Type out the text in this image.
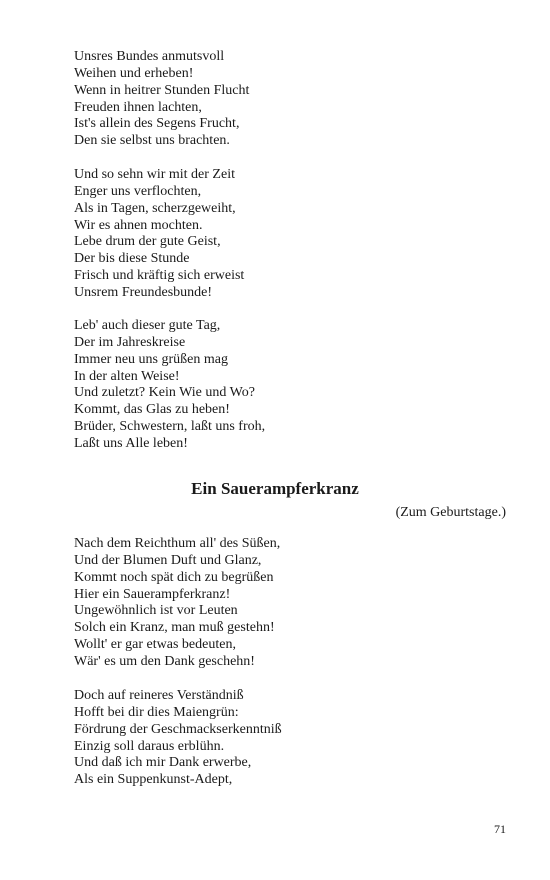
Unsres Bundes anmutsvoll
Weihen und erheben!
Wenn in heitrer Stunden Flucht
Freuden ihnen lachten,
Ist's allein des Segens Frucht,
Den sie selbst uns brachten.
Und so sehn wir mit der Zeit
Enger uns verflochten,
Als in Tagen, scherzgeweiht,
Wir es ahnen mochten.
Lebe drum der gute Geist,
Der bis diese Stunde
Frisch und kräftig sich erweist
Unsrem Freundesbunde!
Leb' auch dieser gute Tag,
Der im Jahreskreise
Immer neu uns grüßen mag
In der alten Weise!
Und zuletzt? Kein Wie und Wo?
Kommt, das Glas zu heben!
Brüder, Schwestern, laßt uns froh,
Laßt uns Alle leben!
Ein Sauerampferkranz

(Zum Geburtstage.)

Nach dem Reichthum all' des Süßen,
Und der Blumen Duft und Glanz,
Kommt noch spät dich zu begrüßen
Hier ein Sauerampferkranz!
Ungewöhnlich ist vor Leuten
Solch ein Kranz, man muß gestehn!
Wollt' er gar etwas bedeuten,
Wär' es um den Dank geschehn!
Doch auf reineres Verständniß
Hofft bei dir dies Maiengrün:
Fördrung der Geschmackserkenntniß
Einzig soll daraus erblühn.
Und daß ich mir Dank erwerbe,
Als ein Suppenkunst-Adept,
71
